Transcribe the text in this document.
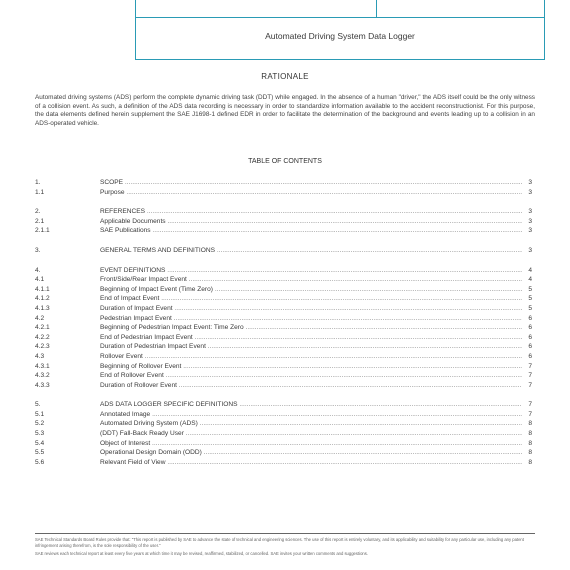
Automated Driving System Data Logger
RATIONALE
Automated driving systems (ADS) perform the complete dynamic driving task (DDT) while engaged. In the absence of a human "driver," the ADS itself could be the only witness of a collision event. As such, a definition of the ADS data recording is necessary in order to standardize information available to the accident reconstructionist. For this purpose, the data elements defined herein supplement the SAE J1698-1 defined EDR in order to facilitate the determination of the background and events leading up to a collision in an ADS-operated vehicle.
TABLE OF CONTENTS
1.	SCOPE .....	3
1.1	Purpose .....	3
2.	REFERENCES .....	3
2.1	Applicable Documents .....	3
2.1.1	SAE Publications .....	3
3.	GENERAL TERMS AND DEFINITIONS .....	3
4.	EVENT DEFINITIONS .....	4
4.1	Front/Side/Rear Impact Event .....	4
4.1.1	Beginning of Impact Event (Time Zero) .....	5
4.1.2	End of Impact Event .....	5
4.1.3	Duration of Impact Event .....	5
4.2	Pedestrian Impact Event .....	6
4.2.1	Beginning of Pedestrian Impact Event: Time Zero .....	6
4.2.2	End of Pedestrian Impact Event .....	6
4.2.3	Duration of Pedestrian Impact Event .....	6
4.3	Rollover Event .....	6
4.3.1	Beginning of Rollover Event .....	7
4.3.2	End of Rollover Event .....	7
4.3.3	Duration of Rollover Event .....	7
5.	ADS DATA LOGGER SPECIFIC DEFINITIONS .....	7
5.1	Annotated Image .....	7
5.2	Automated Driving System (ADS) .....	8
5.3	(DDT) Fall-Back Ready User .....	8
5.4	Object of Interest .....	8
5.5	Operational Design Domain (ODD) .....	8
5.6	Relevant Field of View .....	8

SAE Technical Standards Board Rules provide that: "This report is published by SAE to advance the state of technical and engineering sciences. The use of this report is entirely voluntary, and its applicability and suitability for any particular use, including any patent infringement arising therefrom, is the sole responsibility of the user."

SAE reviews each technical report at least every five years at which time it may be revised, reaffirmed, stabilized, or cancelled. SAE invites your written comments and suggestions.
